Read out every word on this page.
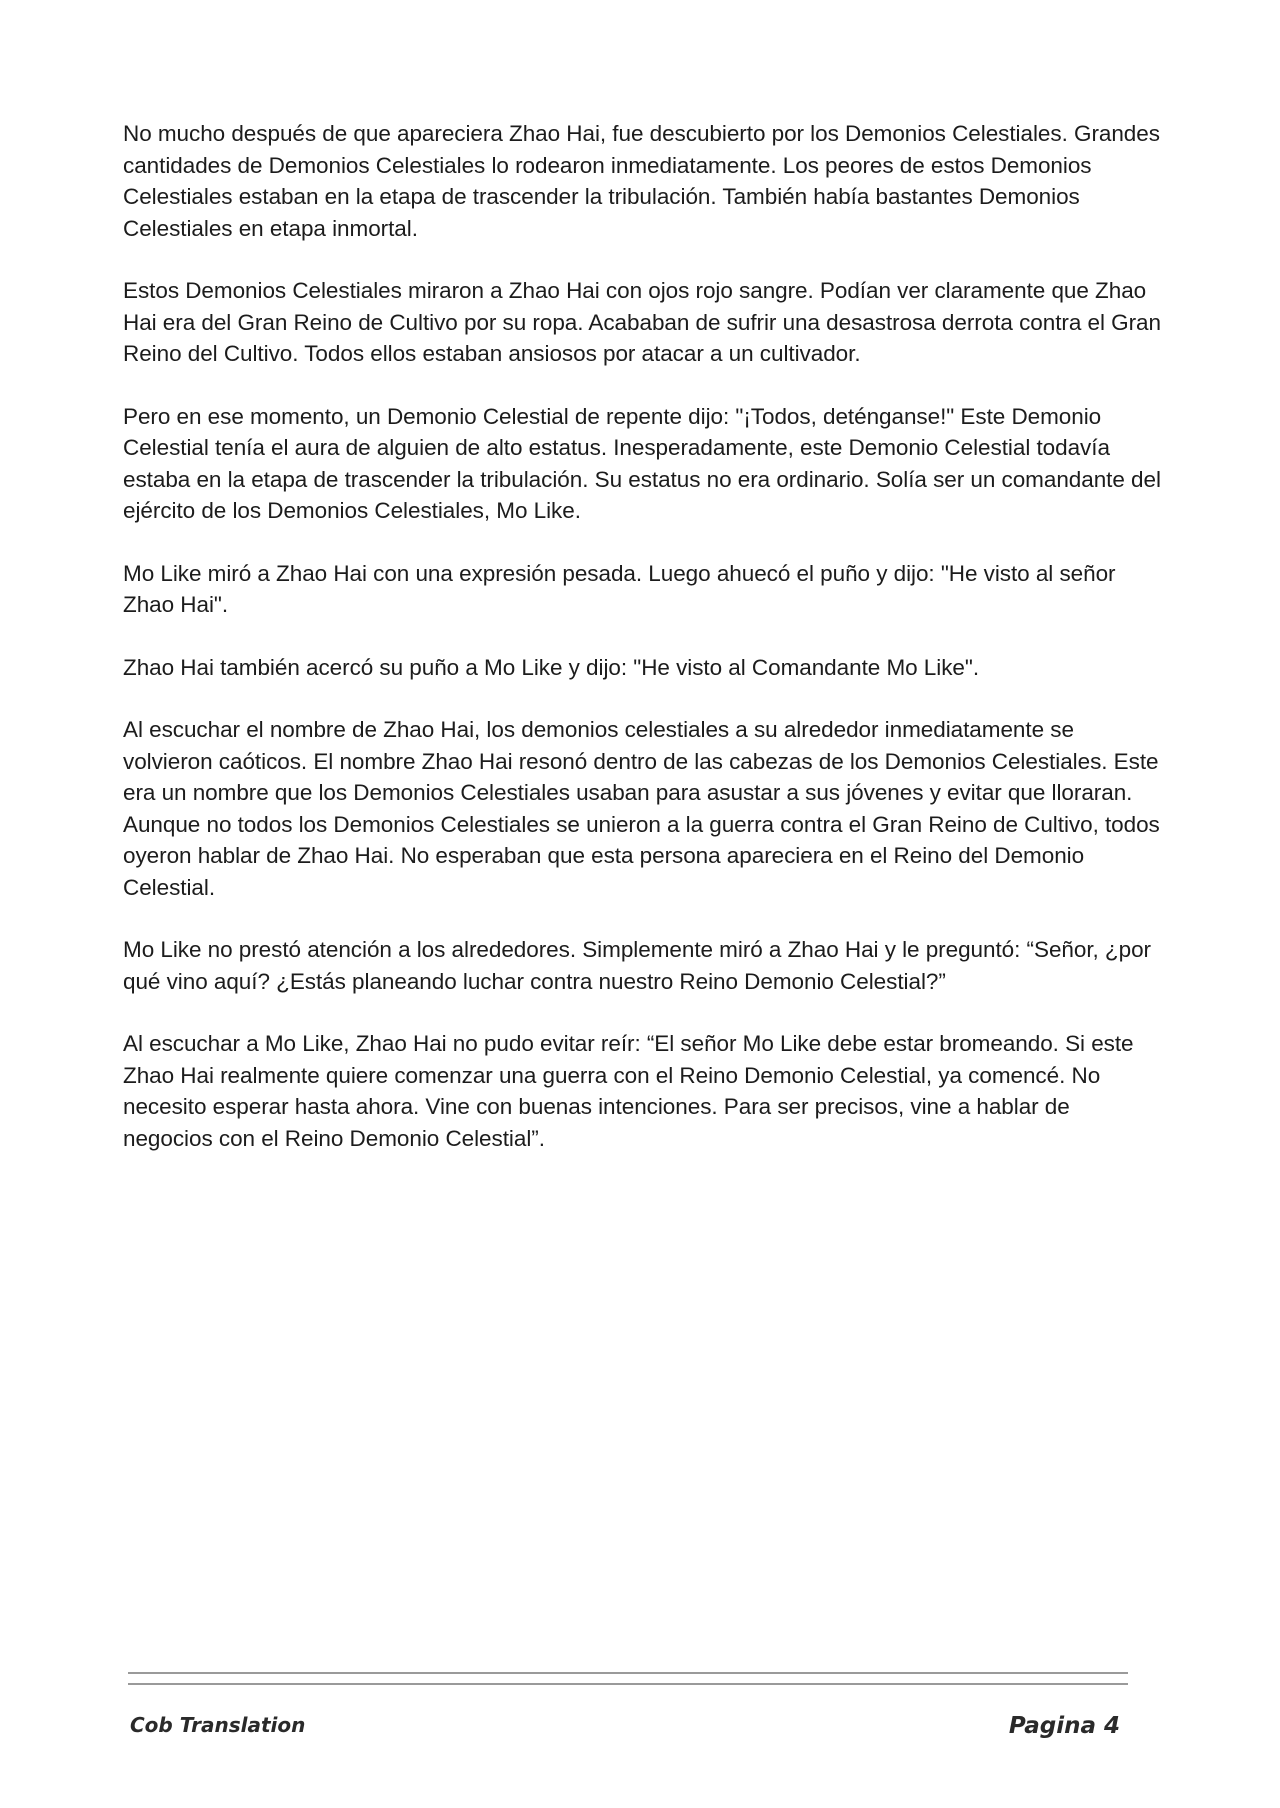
No mucho después de que apareciera Zhao Hai, fue descubierto por los Demonios Celestiales. Grandes cantidades de Demonios Celestiales lo rodearon inmediatamente. Los peores de estos Demonios Celestiales estaban en la etapa de trascender la tribulación. También había bastantes Demonios Celestiales en etapa inmortal.

Estos Demonios Celestiales miraron a Zhao Hai con ojos rojo sangre. Podían ver claramente que Zhao Hai era del Gran Reino de Cultivo por su ropa. Acababan de sufrir una desastrosa derrota contra el Gran Reino del Cultivo. Todos ellos estaban ansiosos por atacar a un cultivador.

Pero en ese momento, un Demonio Celestial de repente dijo: "¡Todos, deténganse!" Este Demonio Celestial tenía el aura de alguien de alto estatus. Inesperadamente, este Demonio Celestial todavía estaba en la etapa de trascender la tribulación. Su estatus no era ordinario. Solía ser un comandante del ejército de los Demonios Celestiales, Mo Like.

Mo Like miró a Zhao Hai con una expresión pesada. Luego ahuecó el puño y dijo: "He visto al señor Zhao Hai".

Zhao Hai también acercó su puño a Mo Like y dijo: "He visto al Comandante Mo Like".

Al escuchar el nombre de Zhao Hai, los demonios celestiales a su alrededor inmediatamente se volvieron caóticos. El nombre Zhao Hai resonó dentro de las cabezas de los Demonios Celestiales. Este era un nombre que los Demonios Celestiales usaban para asustar a sus jóvenes y evitar que lloraran. Aunque no todos los Demonios Celestiales se unieron a la guerra contra el Gran Reino de Cultivo, todos oyeron hablar de Zhao Hai. No esperaban que esta persona apareciera en el Reino del Demonio Celestial.

Mo Like no prestó atención a los alrededores. Simplemente miró a Zhao Hai y le preguntó: “Señor, ¿por qué vino aquí? ¿Estás planeando luchar contra nuestro Reino Demonio Celestial?”

Al escuchar a Mo Like, Zhao Hai no pudo evitar reír: “El señor Mo Like debe estar bromeando. Si este Zhao Hai realmente quiere comenzar una guerra con el Reino Demonio Celestial, ya comencé. No necesito esperar hasta ahora. Vine con buenas intenciones. Para ser precisos, vine a hablar de negocios con el Reino Demonio Celestial”.

Cob Translation	Pagina 4
